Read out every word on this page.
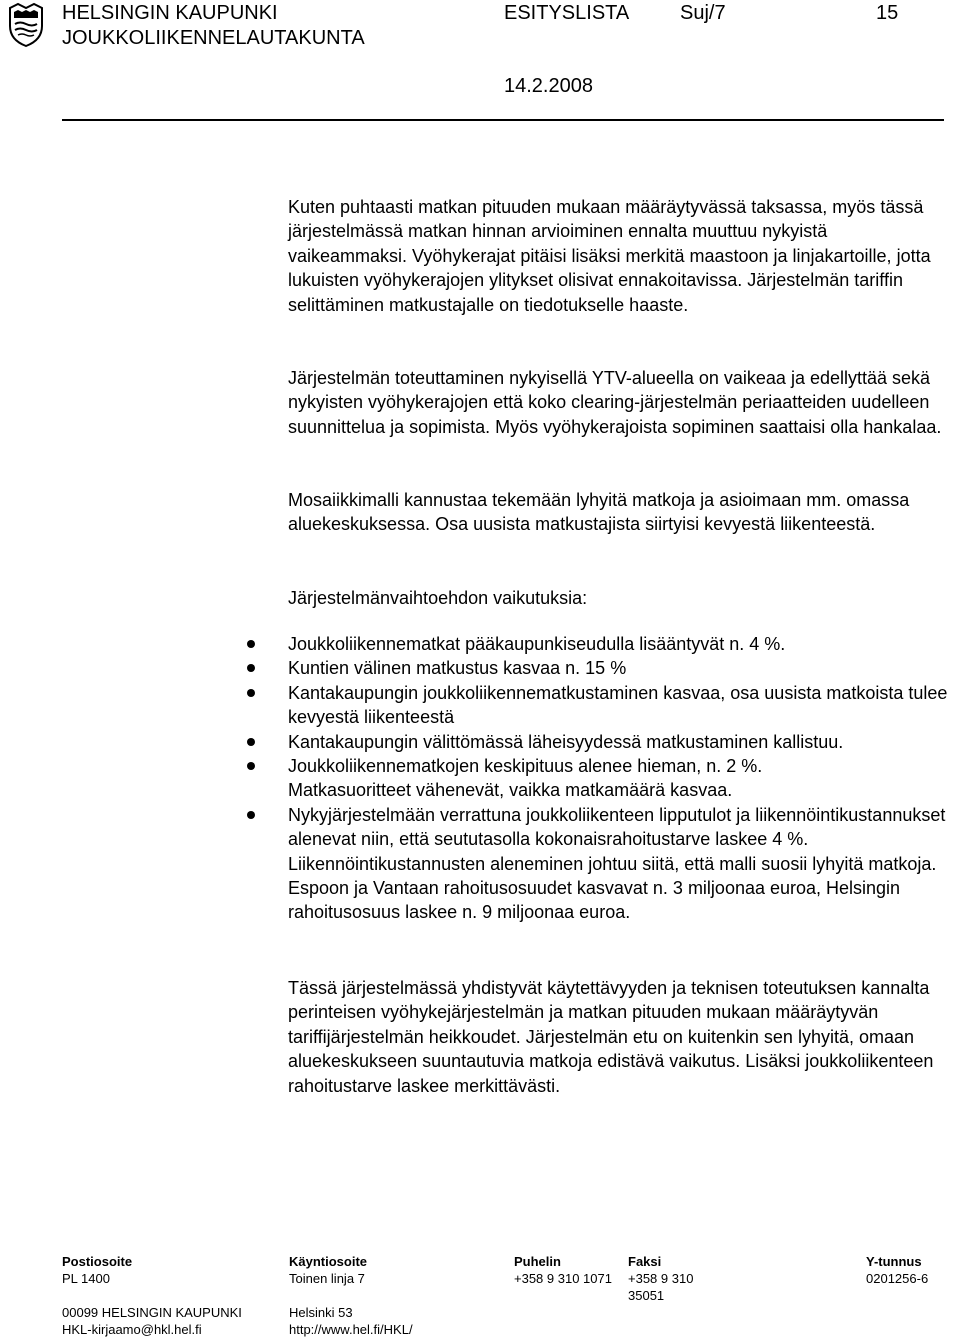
HELSINGIN KAUPUNKI
JOUKKOLIIKENNELAUTAKUNTA
ESITYSLISTA	Suj/7	15
14.2.2008
Kuten puhtaasti matkan pituuden mukaan määräytyvässä taksassa, myös tässä järjestelmässä matkan hinnan arvioiminen ennalta muuttuu nykyistä vaikeammaksi. Vyöhykerajat pitäisi lisäksi merkitä maastoon ja linjakartoille, jotta lukuisten vyöhykerajojen ylitykset olisivat ennakoitavissa. Järjestelmän tariffin selittäminen matkustajalle on tiedotukselle haaste.
Järjestelmän toteuttaminen nykyisellä YTV-alueella on vaikeaa ja edellyttää sekä nykyisten vyöhykerajojen että koko clearing-järjestelmän periaatteiden uudelleen suunnittelua ja sopimista. Myös vyöhykerajoista sopiminen saattaisi olla hankalaa.
Mosaiikkimalli kannustaa tekemään lyhyitä matkoja ja asioimaan mm. omassa aluekeskuksessa. Osa uusista matkustajista siirtyisi kevyestä liikenteestä.
Järjestelmänvaihtoehdon vaikutuksia:
Joukkoliikennematkat pääkaupunkiseudulla lisääntyvät n. 4 %.
Kuntien välinen matkustus kasvaa n. 15 %
Kantakaupungin joukkoliikennematkustaminen kasvaa, osa uusista matkoista tulee kevyestä liikenteestä
Kantakaupungin välittömässä läheisyydessä matkustaminen kallistuu.
Joukkoliikennematkojen keskipituus alenee hieman, n. 2 %. Matkasuoritteet vähenevät, vaikka matkamäärä kasvaa.
Nykyjärjestelmään verrattuna joukkoliikenteen lipputulot ja liikennöintikustannukset alenevat niin, että seututasolla kokonaisrahoitustarve laskee 4 %. Liikennöintikustannusten aleneminen johtuu siitä, että malli suosii lyhyitä matkoja. Espoon ja Vantaan rahoitusosuudet kasvavat n. 3 miljoonaa euroa, Helsingin rahoitusosuus laskee n. 9 miljoonaa euroa.
Tässä järjestelmässä yhdistyvät käytettävyyden ja teknisen toteutuksen kannalta perinteisen vyöhykejärjestelmän ja matkan pituuden mukaan määräytyvän tariffijärjestelmän heikkoudet. Järjestelmän etu on kuitenkin sen lyhyitä, omaan aluekeskukseen suuntautuvia matkoja edistävä vaikutus. Lisäksi joukkoliikenteen rahoitustarve laskee merkittävästi.
Postiosoite
PL 1400
00099 HELSINGIN KAUPUNKI
HKL-kirjaamo@hkl.hel.fi
Käyntiosoite
Toinen linja 7
Helsinki 53
http://www.hel.fi/HKL/
Puhelin
+358 9 310 1071
Faksi
+358 9 310
35051
Y-tunnus
0201256-6
